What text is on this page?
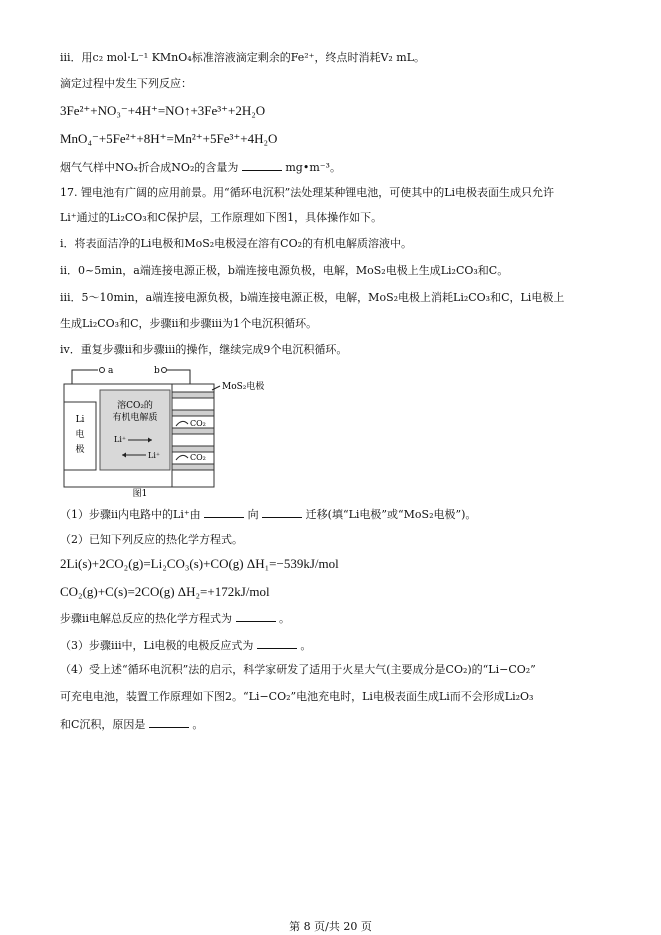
iii．用c₂ mol·L⁻¹ KMnO₄标准溶液滴定剩余的Fe²⁺，终点时消耗V₂ mL。
滴定过程中发生下列反应：
3Fe²⁺+NO₃⁻+4H⁺=NO↑+3Fe³⁺+2H₂O
MnO₄⁻+5Fe²⁺+8H⁺=Mn²⁺+5Fe³⁺+4H₂O
烟气气样中NOₓ折合成NO₂的含量为	mg•m⁻³。
17. 锂电池有广阔的应用前景。用“循环电沉积”法处理某种锂电池，可使其中的Li电极表面生成只允许
Li⁺通过的Li₂CO₃和C保护层，工作原理如下图1，具体操作如下。
ⅰ．将表面洁净的Li电极和MoS₂电极浸在溶有CO₂的有机电解质溶液中。
ⅱ．0~5min，a端连接电源正极，b端连接电源负极，电解，MoS₂电极上生成Li₂CO₃和C。
ⅲ．5～10min，a端连接电源负极，b端连接电源正极，电解，MoS₂电极上消耗Li₂CO₃和C，Li电极上
生成Li₂CO₃和C，步骤ⅱ和步骤ⅲ为1个电沉积循环。
ⅳ．重复步骤ⅱ和步骤ⅲ的操作，继续完成9个电沉积循环。
a	b
Li
电
极
溶CO₂的
有机电解质
Li⁺
Li⁺
CO₂
CO₂
MoS₂电极
图1
（1）步骤ⅱ内电路中的Li⁺由	向	迁移(填“Li电极”或“MoS₂电极”)。
（2）已知下列反应的热化学方程式。
2Li(s)+2CO₂(g)=Li₂CO₃(s)+CO(g) ΔH₁=−539kJ/mol
CO₂(g)+C(s)=2CO(g) ΔH₂=+172kJ/mol
步骤ⅱ电解总反应的热化学方程式为	。
（3）步骤ⅲ中，Li电极的电极反应式为	。
（4）受上述“循环电沉积”法的启示，科学家研发了适用于火星大气(主要成分是CO₂)的“Li−CO₂”
可充电电池，装置工作原理如下图2。“Li−CO₂”电池充电时，Li电极表面生成Li而不会形成Li₂O₃
和C沉积，原因是	。
第 8 页/共 20 页
